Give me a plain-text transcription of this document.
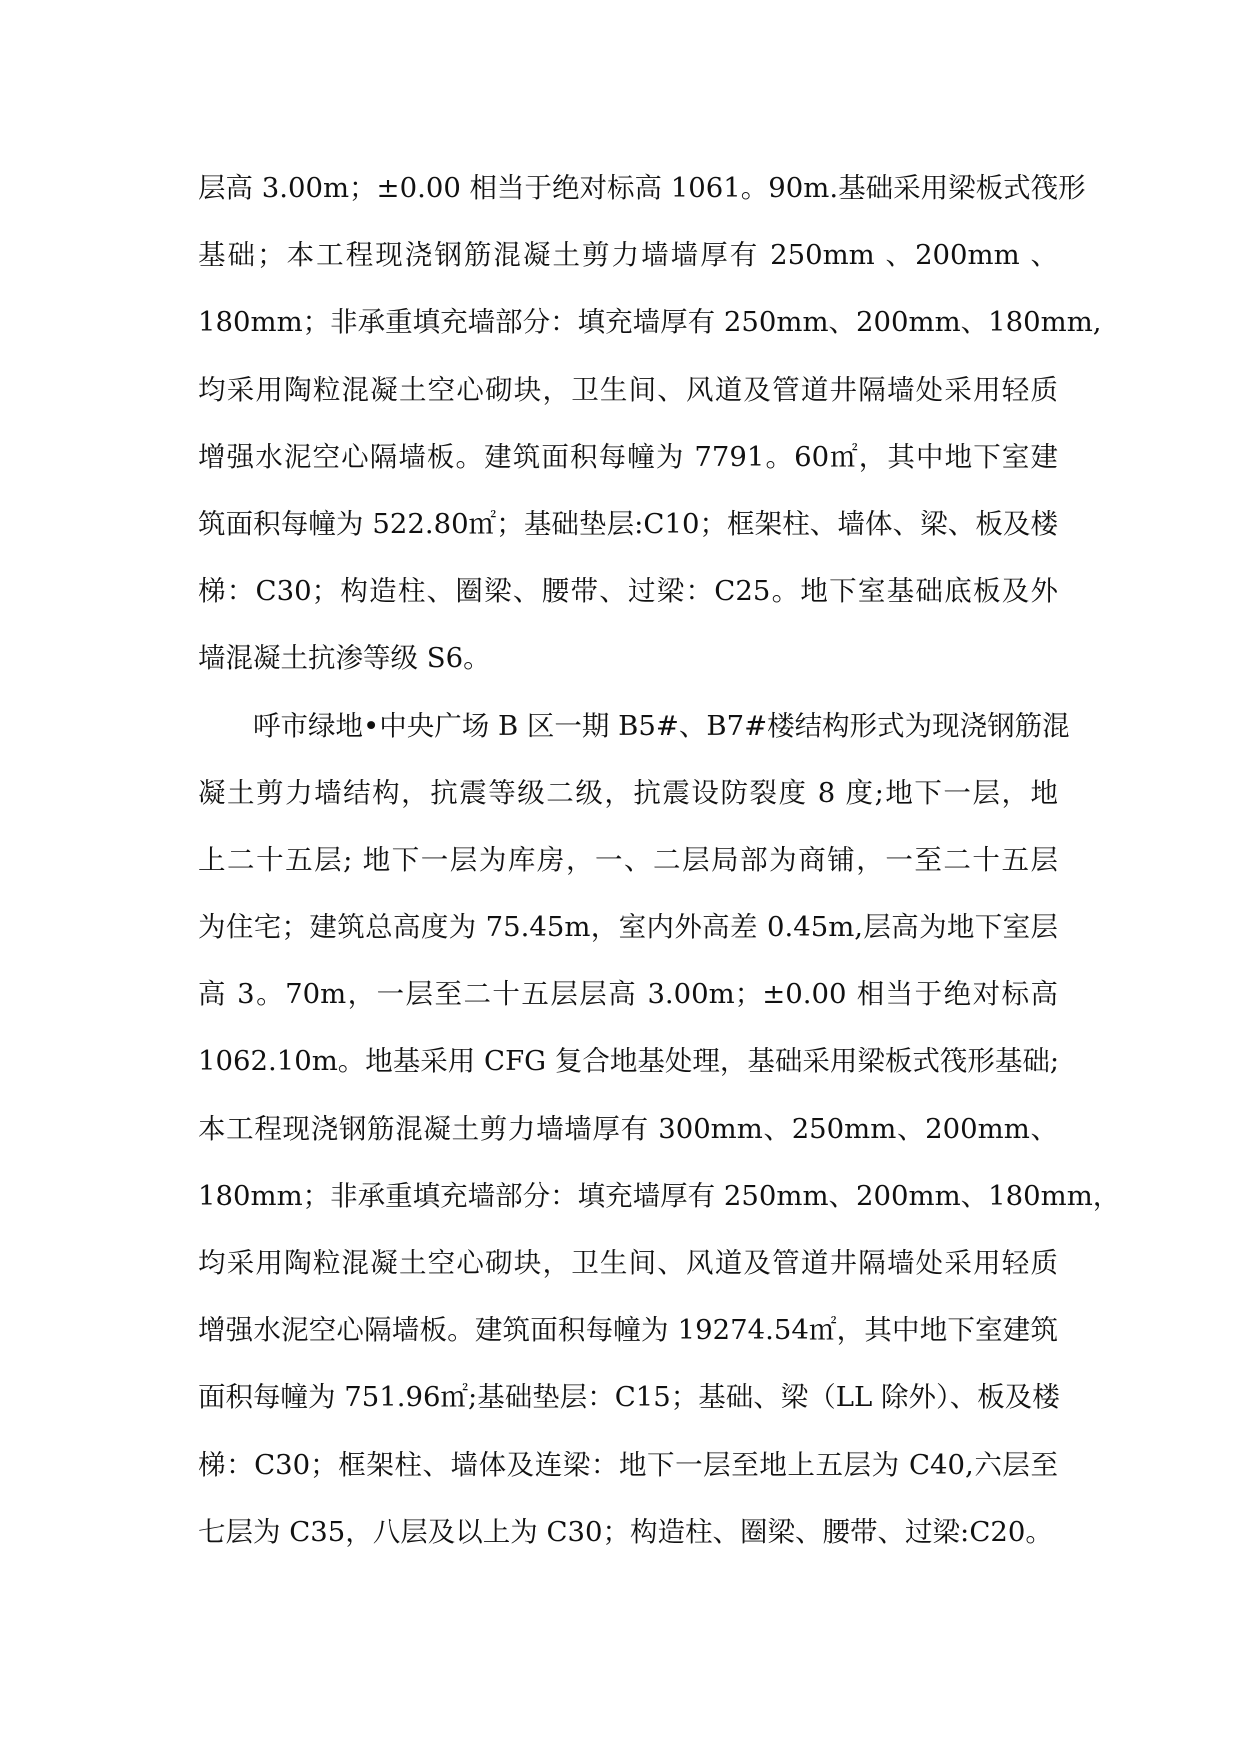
层高 3.00m；±0.00 相当于绝对标高 1061。90m.基础采用梁板式筏形
基础；本工程现浇钢筋混凝土剪力墙墙厚有 250mm 、200mm 、
180mm；非承重填充墙部分：填充墙厚有 250mm、200mm、180mm,
均采用陶粒混凝土空心砌块，卫生间、风道及管道井隔墙处采用轻质
增强水泥空心隔墙板。建筑面积每幢为 7791。60㎡，其中地下室建
筑面积每幢为 522.80㎡；基础垫层:C10；框架柱、墙体、梁、板及楼
梯：C30；构造柱、圈梁、腰带、过梁：C25。地下室基础底板及外
墙混凝土抗渗等级 S6。
呼市绿地•中央广场 B 区一期 B5#、B7#楼结构形式为现浇钢筋混
凝土剪力墙结构，抗震等级二级，抗震设防裂度 8 度;地下一层，地
上二十五层; 地下一层为库房，一、二层局部为商铺，一至二十五层
为住宅；建筑总高度为 75.45m，室内外高差 0.45m,层高为地下室层
高 3。70m，一层至二十五层层高 3.00m；±0.00 相当于绝对标高
1062.10m。地基采用 CFG 复合地基处理，基础采用梁板式筏形基础;
本工程现浇钢筋混凝土剪力墙墙厚有 300mm、250mm、200mm、
180mm；非承重填充墙部分：填充墙厚有 250mm、200mm、180mm，
均采用陶粒混凝土空心砌块，卫生间、风道及管道井隔墙处采用轻质
增强水泥空心隔墙板。建筑面积每幢为 19274.54㎡，其中地下室建筑
面积每幢为 751.96㎡;基础垫层：C15；基础、梁（LL 除外）、板及楼
梯：C30；框架柱、墙体及连梁：地下一层至地上五层为 C40,六层至
七层为 C35，八层及以上为 C30；构造柱、圈梁、腰带、过梁:C20。
